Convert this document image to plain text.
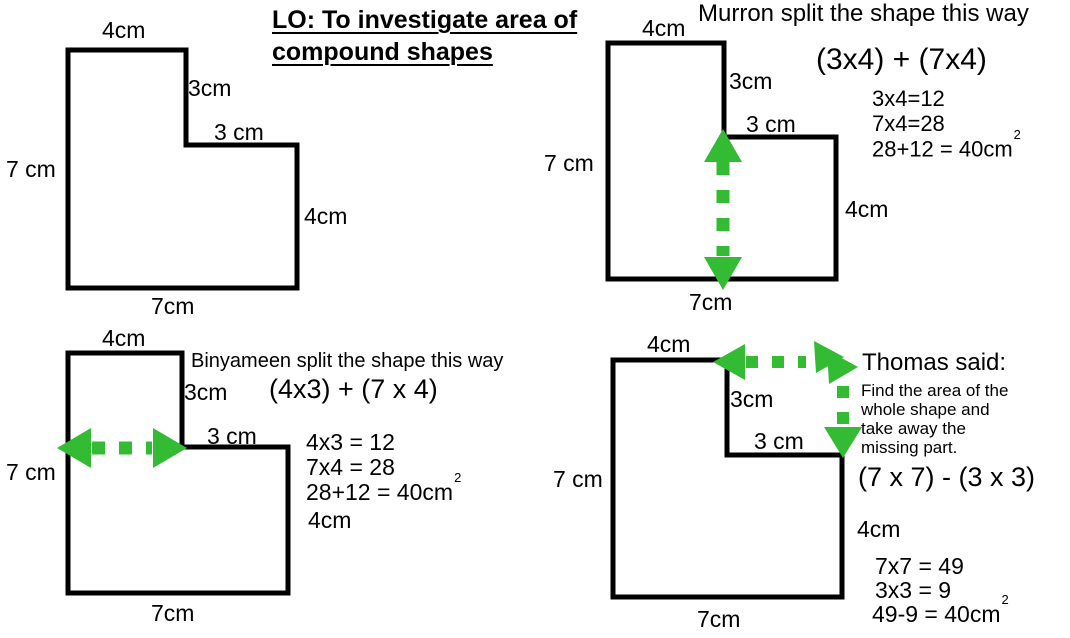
LO: To investigate area of
compound shapes
4cm
3cm
3 cm
7 cm
4cm
7cm
Murron split the shape this way
4cm
3cm
3 cm
7 cm
4cm
7cm
(3x4) + (7x4)
3x4=12
7x4=28
$28+12 = 40cm^2$
4cm
Binyameen split the shape this way
3cm (4x3) + (7 x 4)
3 cm
7 cm
4x3 = 12
7x4 = 28
$28+12 = 40cm^2$
4cm
7cm
4cm
Thomas said:
Find the area of the
whole shape and
take away the
missing part.
3cm
3 cm
(7 x 7) - (3 x 3)
7 cm
4cm
7x7 = 49
3x3 = 9
$49-9 = 40cm^2$
7cm
